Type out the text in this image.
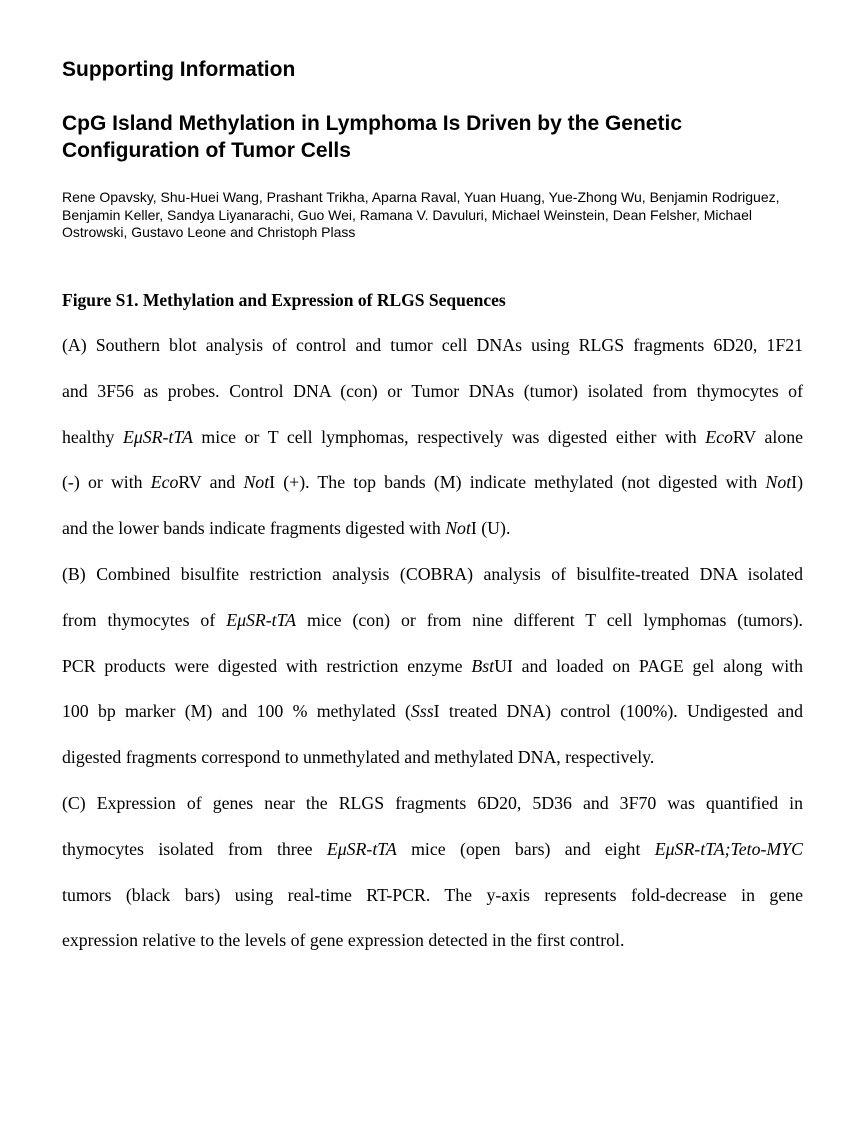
Supporting Information
CpG Island Methylation in Lymphoma Is Driven by the Genetic
Configuration of Tumor Cells

Rene Opavsky, Shu-Huei Wang, Prashant Trikha, Aparna Raval, Yuan Huang, Yue-Zhong Wu, Benjamin Rodriguez,
Benjamin Keller, Sandya Liyanarachi, Guo Wei, Ramana V. Davuluri, Michael Weinstein, Dean Felsher, Michael
Ostrowski, Gustavo Leone and Christoph Plass

Figure S1. Methylation and Expression of RLGS Sequences

(A) Southern blot analysis of control and tumor cell DNAs using RLGS fragments 6D20, 1F21
and 3F56 as probes. Control DNA (con) or Tumor DNAs (tumor) isolated from thymocytes of
healthy EμSR-tTA mice or T cell lymphomas, respectively was digested either with EcoRV alone
(-) or with EcoRV and NotI (+). The top bands (M) indicate methylated (not digested with NotI)
and the lower bands indicate fragments digested with NotI (U).

(B) Combined bisulfite restriction analysis (COBRA) analysis of bisulfite-treated DNA isolated
from thymocytes of EμSR-tTA mice (con) or from nine different T cell lymphomas (tumors).
PCR products were digested with restriction enzyme BstUI and loaded on PAGE gel along with
100 bp marker (M) and 100 % methylated (SssI treated DNA) control (100%). Undigested and
digested fragments correspond to unmethylated and methylated DNA, respectively.

(C) Expression of genes near the RLGS fragments 6D20, 5D36 and 3F70 was quantified in
thymocytes isolated from three EμSR-tTA mice (open bars) and eight EμSR-tTA;Teto-MYC
tumors (black bars) using real-time RT-PCR. The y-axis represents fold-decrease in gene
expression relative to the levels of gene expression detected in the first control.
